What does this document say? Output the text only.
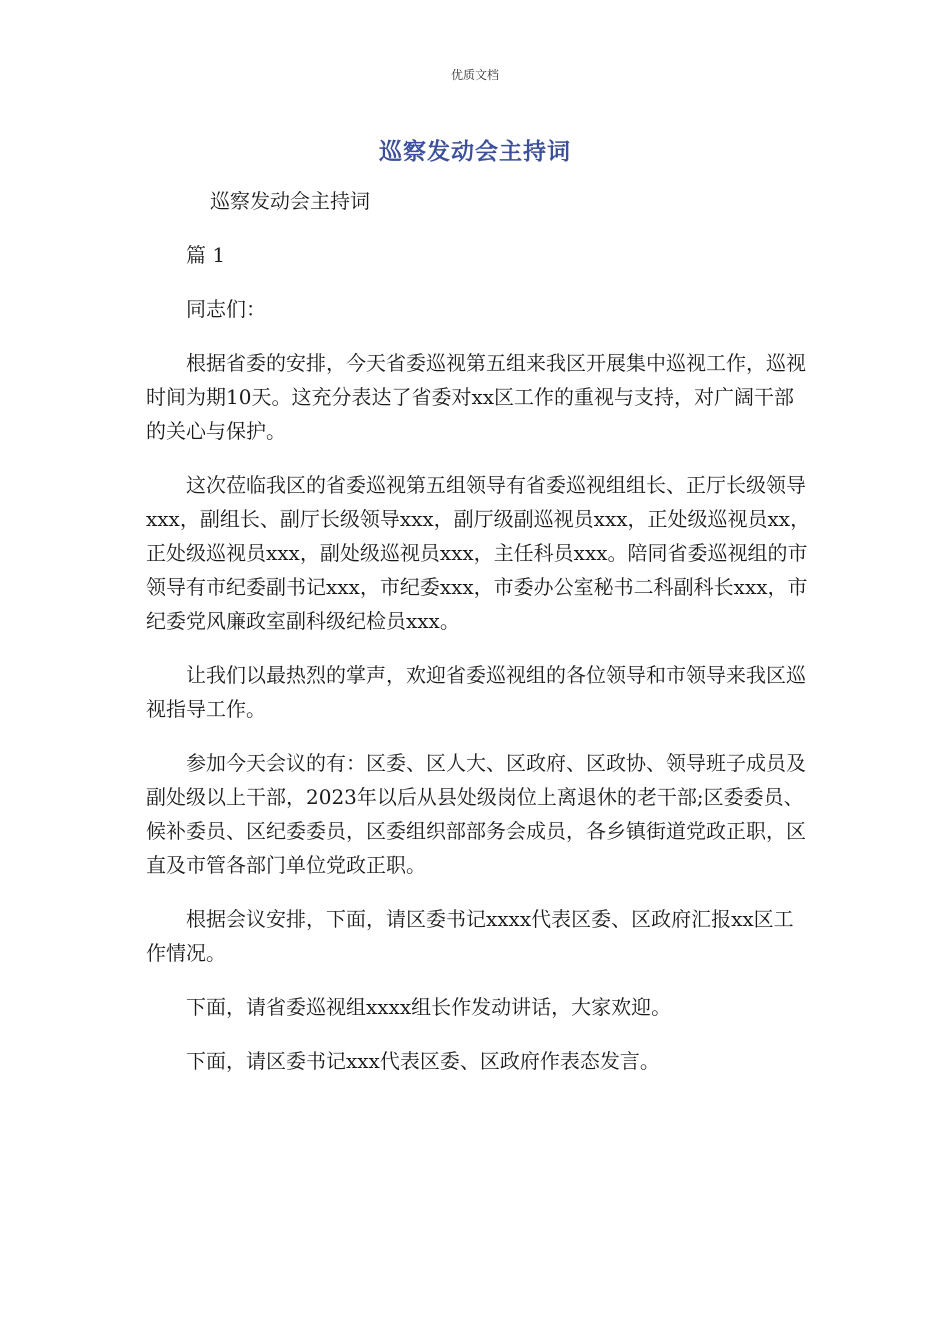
优质文档
巡察发动会主持词

巡察发动会主持词

篇 1

同志们：

根据省委的安排，今天省委巡视第五组来我区开展集中巡视工作，巡视时间为期10天。这充分表达了省委对xx区工作的重视与支持，对广阔干部的关心与保护。

这次莅临我区的省委巡视第五组领导有省委巡视组组长、正厅长级领导xxx，副组长、副厅长级领导xxx，副厅级副巡视员xxx，正处级巡视员xx，正处级巡视员xxx，副处级巡视员xxx，主任科员xxx。陪同省委巡视组的市领导有市纪委副书记xxx，市纪委xxx，市委办公室秘书二科副科长xxx，市纪委党风廉政室副科级纪检员xxx。

让我们以最热烈的掌声，欢迎省委巡视组的各位领导和市领导来我区巡视指导工作。

参加今天会议的有：区委、区人大、区政府、区政协、领导班子成员及副处级以上干部，2023年以后从县处级岗位上离退休的老干部;区委委员、候补委员、区纪委委员，区委组织部部务会成员，各乡镇街道党政正职，区直及市管各部门单位党政正职。

根据会议安排，下面，请区委书记xxxx代表区委、区政府汇报xx区工作情况。

下面，请省委巡视组xxxx组长作发动讲话，大家欢迎。

下面，请区委书记xxx代表区委、区政府作表态发言。
